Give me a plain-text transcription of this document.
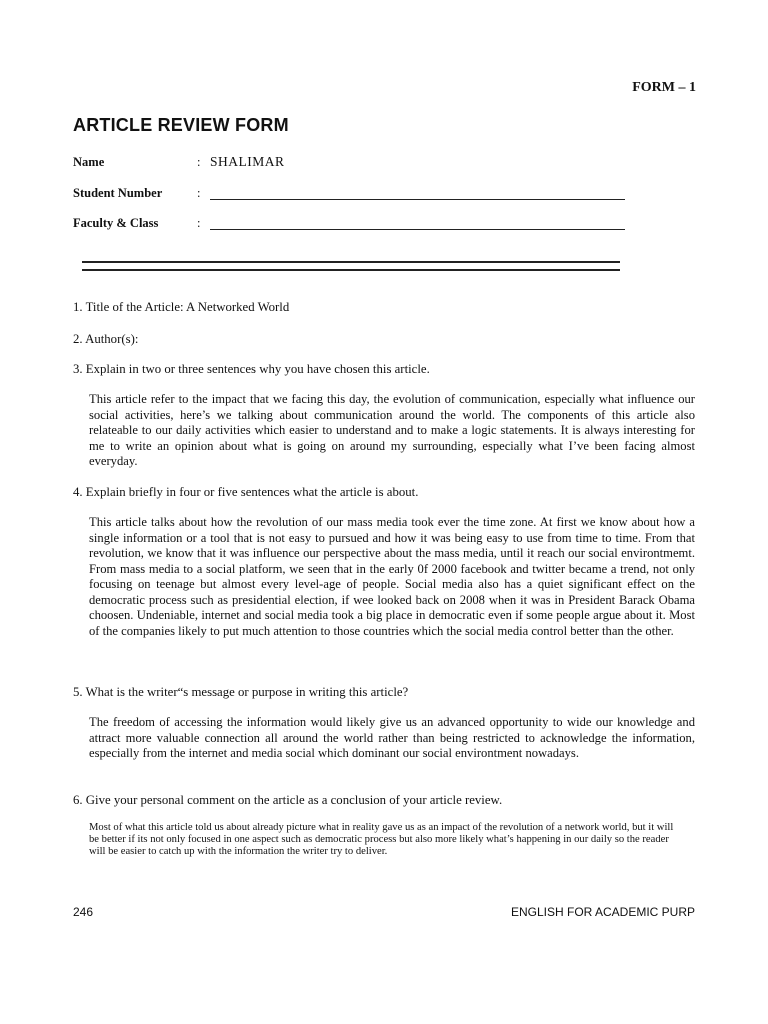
FORM – 1
ARTICLE REVIEW FORM
Name	: SHALIMAR
Student Number	:
Faculty & Class	:
1. Title of the Article: A Networked World
2. Author(s):
3. Explain in two or three sentences why you have chosen this article.

This article refer to the impact that we facing this day, the evolution of communication, especially what influence our social activities, here’s we talking about communication around the world. The components of this article also relateable to our daily activities which easier to understand and to make a logic statements. It is always interesting for me to write an opinion about what is going on around my surrounding, especially what I’ve been facing almost everyday.

4. Explain briefly in four or five sentences what the article is about.

This article talks about how the revolution of our mass media took ever the time zone. At first we know about how a single information or a tool that is not easy to pursued and how it was being easy to use from time to time. From that revolution, we know that it was influence our perspective about the mass media, until it reach our social environtmemt. From mass media to a social platform, we seen that in the early 0f 2000 facebook and twitter became a trend, not only focusing on teenage but almost every level-age of people. Social media also has a quiet significant effect on the democratic process such as presidential election, if wee looked back on 2008 when it was in President Barack Obama choosen. Undeniable, internet and social media took a big place in democratic even if some people argue about it. Most of the companies likely to put much attention to those countries which the social media control better than the other.

5. What is the writer“s message or purpose in writing this article?

The freedom of accessing the information would likely give us an advanced opportunity to wide our knowledge and attract more valuable connection all around the world rather than being restricted to acknowledge the information, especially from the internet and media social which dominant our social environtment nowadays.

6. Give your personal comment on the article as a conclusion of your article review.

Most of what this article told us about already picture what in reality gave us as an impact of the revolution of a network world, but it will be better if its not only focused in one aspect such as democratic process but also more likely what’s happening in our daily so the reader will be easier to catch up with the information the writer try to deliver.

246	ENGLISH FOR ACADEMIC PURP
